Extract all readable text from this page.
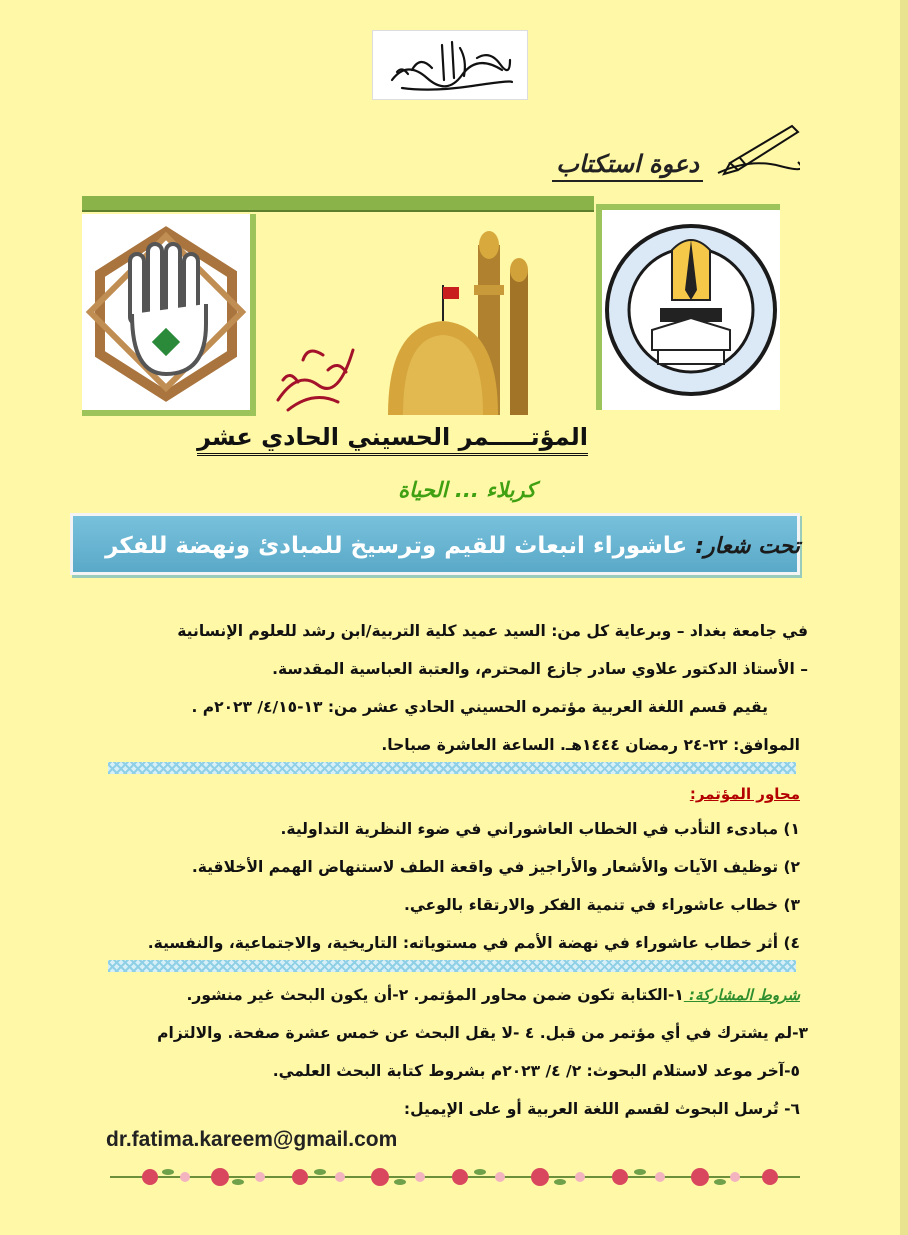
دعوة استكتاب
المؤتـــــمر الحسيني الحادي عشر
كربلاء ... الحياة
تحت شعار: عاشوراء انبعاث للقيم وترسيخ للمبادئ ونهضة للفكر
في جامعة بغداد – وبرعاية كل من: السيد عميد كلية التربية/ابن رشد للعلوم الإنسانية
– الأستاذ الدكتور علاوي سادر جازع المحترم، والعتبة العباسية المقدسة.
يقيم قسم اللغة العربية مؤتمره الحسيني الحادي عشر من: ١٣-٤/١٥/ ٢٠٢٣م .
الموافق: ٢٢-٢٤ رمضان ١٤٤٤هـ. الساعة العاشرة صباحا.
محاور المؤتمر:
١) مبادىء التأدب في الخطاب العاشوراني في ضوء النظرية التداولية.
٢) توظيف الآيات والأشعار والأراجيز في واقعة الطف لاستنهاض الهمم الأخلاقية.
٣) خطاب عاشوراء في تنمية الفكر والارتقاء بالوعي.
٤) أثر خطاب عاشوراء في نهضة الأمم في مستوياته: التاريخية، والاجتماعية، والنفسية.
شروط المشاركة: ١-الكتابة تكون ضمن محاور المؤتمر. ٢-أن يكون البحث غير منشور.
٣-لم يشترك في أي مؤتمر من قبل. ٤ -لا يقل البحث عن خمس عشرة صفحة. والالتزام
٥-آخر موعد لاستلام البحوث: ٢/ ٤/ ٢٠٢٣م بشروط كتابة البحث العلمي.
٦- تُرسل البحوث لقسم اللغة العربية أو على الإيميل:
dr.fatima.kareem@gmail.com
